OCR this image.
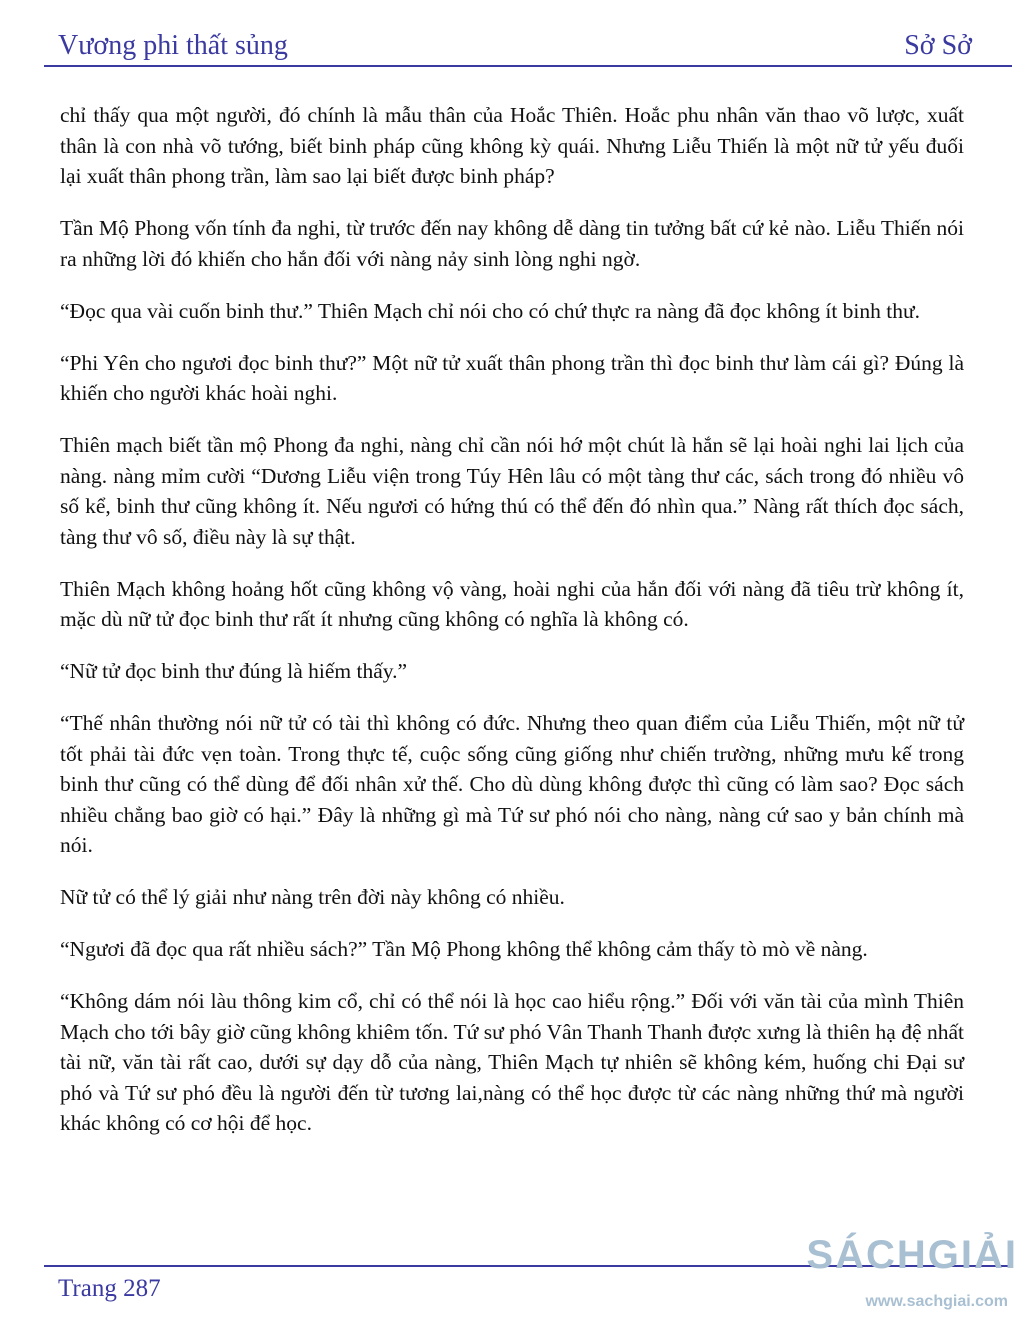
Vương phi thất sủng	Sở Sở

chỉ thấy qua một người, đó chính là mẫu thân của Hoắc Thiên. Hoắc phu nhân văn thao võ lược, xuất thân là con nhà võ tướng, biết binh pháp cũng không kỳ quái. Nhưng Liễu Thiến là một nữ tử yếu đuối lại xuất thân phong trần, làm sao lại biết được binh pháp?

Tần Mộ Phong vốn tính đa nghi, từ trước đến nay không dễ dàng tin tưởng bất cứ kẻ nào. Liễu Thiến nói ra những lời đó khiến cho hắn đối với nàng nảy sinh lòng nghi ngờ.

“Đọc qua vài cuốn binh thư.” Thiên Mạch chỉ nói cho có chứ thực ra nàng đã đọc không ít binh thư.

“Phi Yên cho ngươi đọc binh thư?” Một nữ tử xuất thân phong trần thì đọc binh thư làm cái gì? Đúng là khiến cho người khác hoài nghi.

Thiên mạch biết tần mộ Phong đa nghi, nàng chỉ cần nói hớ một chút là hắn sẽ lại hoài nghi lai lịch của nàng. nàng mỉm cười “Dương Liễu viện trong Túy Hên lâu có một tàng thư các, sách trong đó nhiều vô số kể, binh thư cũng không ít. Nếu ngươi có hứng thú có thể đến đó nhìn qua.” Nàng rất thích đọc sách, tàng thư vô số, điều này là sự thật.

Thiên Mạch không hoảng hốt cũng không vộ vàng, hoài nghi của hắn đối với nàng đã tiêu trừ không ít, mặc dù nữ tử đọc binh thư rất ít nhưng cũng không có nghĩa là không có.

“Nữ tử đọc binh thư đúng là hiếm thấy.”

“Thế nhân thường nói nữ tử có tài thì không có đức. Nhưng theo quan điểm của Liễu Thiến, một nữ tử tốt phải tài đức vẹn toàn. Trong thực tế, cuộc sống cũng giống như chiến trường, những mưu kế trong binh thư cũng có thể dùng để đối nhân xử thế. Cho dù dùng không được thì cũng có làm sao? Đọc sách nhiều chẳng bao giờ có hại.” Đây là những gì mà Tứ sư phó nói cho nàng, nàng cứ sao y bản chính mà nói.

Nữ tử có thể lý giải như nàng trên đời này không có nhiều.

“Ngươi đã đọc qua rất nhiều sách?” Tần Mộ Phong không thể không cảm thấy tò mò về nàng.

“Không dám nói làu thông kim cổ, chỉ có thể nói là học cao hiểu rộng.” Đối với văn tài của mình Thiên Mạch cho tới bây giờ cũng không khiêm tốn. Tứ sư phó Vân Thanh Thanh được xưng là thiên hạ đệ nhất tài nữ, văn tài rất cao, dưới sự dạy dỗ của nàng, Thiên Mạch tự nhiên sẽ không kém, huống chi Đại sư phó và Tứ sư phó đều là người đến từ tương lai,nàng có thể học được từ các nàng những thứ mà người khác không có cơ hội để học.

Trang 287
SÁCHGIẢI
www.sachgiai.com
